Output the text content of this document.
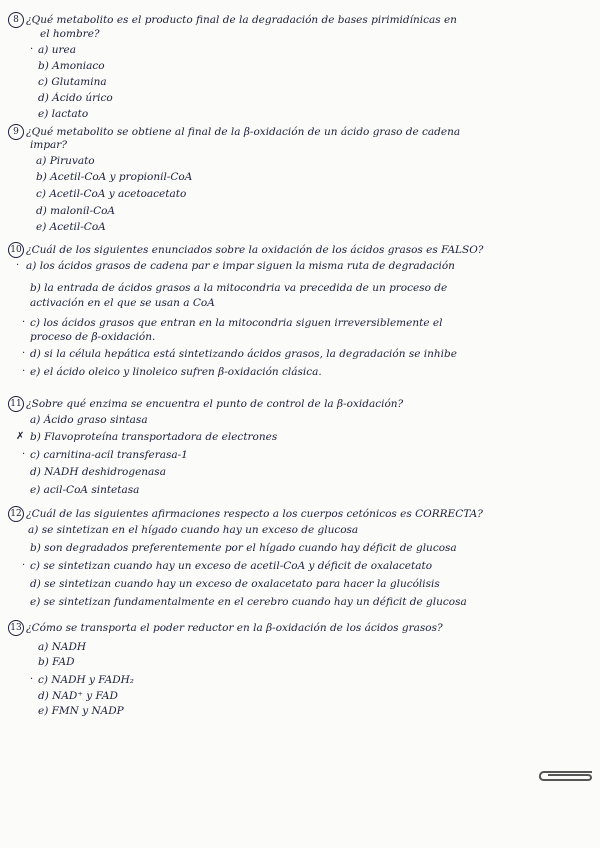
8 ¿Qué metabolito es el producto final de la degradación de bases pirimidínicas en
el hombre?
· a) urea
b) Amoniaco
c) Glutamina
d) Ácido úrico
e) lactato
9 ¿Qué metabolito se obtiene al final de la β-oxidación de un ácido graso de cadena
impar?
a) Piruvato
b) Acetil-CoA y propionil-CoA
c) Acetil-CoA y acetoacetato
d) malonil-CoA
e) Acetil-CoA
10 ¿Cuál de los siguientes enunciados sobre la oxidación de los ácidos grasos es FALSO?
· a) los ácidos grasos de cadena par e impar siguen la misma ruta de degradación
b) la entrada de ácidos grasos a la mitocondria va precedida de un proceso de
activación en el que se usan a CoA
· c) los ácidos grasos que entran en la mitocondria siguen irreversiblemente el
proceso de β-oxidación.
· d) si la célula hepática está sintetizando ácidos grasos, la degradación se inhibe
· e) el ácido oleico y linoleico sufren β-oxidación clásica.
11 ¿Sobre qué enzima se encuentra el punto de control de la β-oxidación?
a) Ácido graso sintasa
✗ b) Flavoproteína transportadora de electrones
· c) carnitina-acil transferasa-1
d) NADH deshidrogenasa
e) acil-CoA sintetasa
12 ¿Cuál de las siguientes afirmaciones respecto a los cuerpos cetónicos es CORRECTA?
a) se sintetizan en el hígado cuando hay un exceso de glucosa
b) son degradados preferentemente por el hígado cuando hay déficit de glucosa
· c) se sintetizan cuando hay un exceso de acetil-CoA y déficit de oxalacetato
d) se sintetizan cuando hay un exceso de oxalacetato para hacer la glucólisis
e) se sintetizan fundamentalmente en el cerebro cuando hay un déficit de glucosa
13 ¿Cómo se transporta el poder reductor en la β-oxidación de los ácidos grasos?
a) NADH
b) FAD
· c) NADH y FADH₂
d) NAD⁺ y FAD
e) FMN y NADP
